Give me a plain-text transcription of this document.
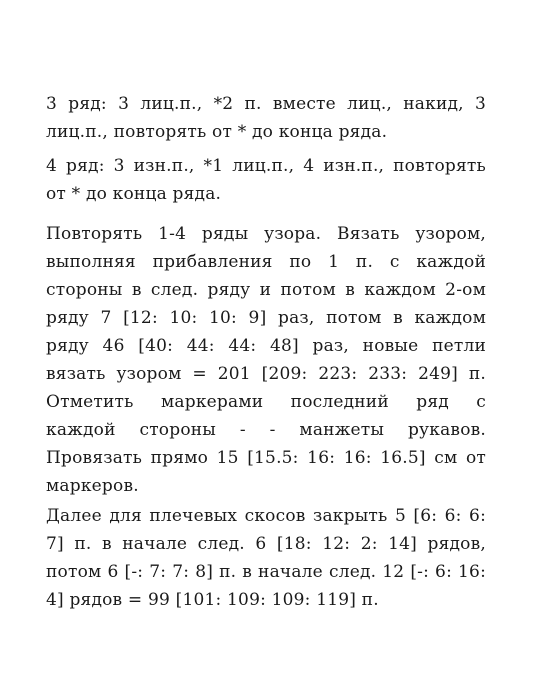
3 ряд: 3 лиц.п., *2 п. вместе лиц., накид, 3
лиц.п., повторять от * до конца ряда.

4 ряд: 3 изн.п., *1 лиц.п., 4 изн.п., повторять
от * до конца ряда.

Повторять 1-4 ряды узора. Вязать узором,
выполняя прибавления по 1 п. с каждой
стороны в след. ряду и потом в каждом 2-ом
ряду 7 [12: 10: 10: 9] раз, потом в каждом
ряду 46 [40: 44: 44: 48] раз, новые петли
вязать узором = 201 [209: 223: 233: 249] п.
Отметить маркерами последний ряд с
каждой стороны - - манжеты рукавов.
Провязать прямо 15 [15.5: 16: 16: 16.5] см от
маркеров.

Далее для плечевых скосов закрыть 5 [6: 6: 6:
7] п. в начале след. 6 [18: 12: 2: 14] рядов,
потом 6 [-: 7: 7: 8] п. в начале след. 12 [-: 6: 16:
4] рядов = 99 [101: 109: 109: 119] п.
